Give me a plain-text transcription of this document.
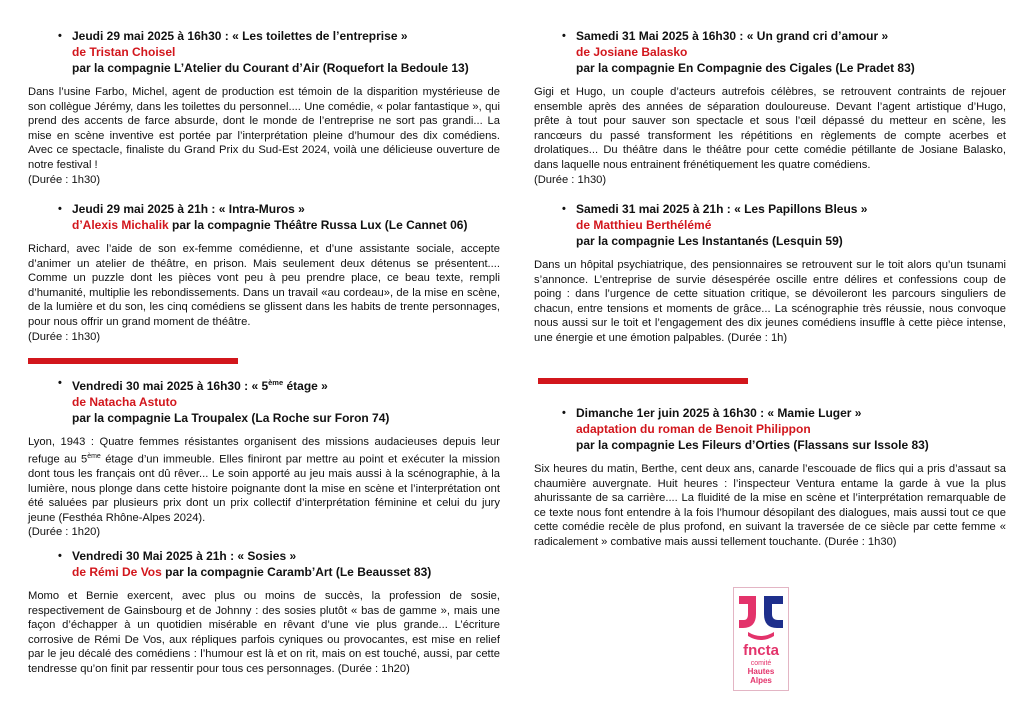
• Jeudi 29 mai 2025 à 16h30 : « Les toilettes de l’entreprise »
de Tristan Choisel
par la compagnie L’Atelier du Courant d’Air (Roquefort la Bedoule 13)
Dans l’usine Farbo, Michel, agent de production est témoin de la disparition mystérieuse de son collègue Jérémy, dans les toilettes du personnel.... Une comédie, « polar fantastique », qui prend des accents de farce absurde, dont le monde de l’entreprise ne sort pas grandi... La mise en scène inventive est portée par l’interprétation pleine d’humour des dix comédiens. Avec ce spectacle, finaliste du Grand Prix du Sud-Est 2024, voilà une délicieuse ouverture de notre festival !
(Durée : 1h30)
• Jeudi 29 mai 2025 à 21h : « Intra-Muros »
d’Alexis Michalik par la compagnie Théâtre Russa Lux (Le Cannet 06)
Richard, avec l’aide de son ex-femme comédienne, et d’une assistante sociale, accepte d’animer un atelier de théâtre, en prison. Mais seulement deux détenus se présentent.... Comme un puzzle dont les pièces vont peu à peu prendre place, ce beau texte, rempli d’humanité, multiplie les rebondissements. Dans un travail «au cordeau», de la mise en scène, de la lumière et du son, les cinq comédiens se glissent dans les habits de trente personnages, pour nous offrir un grand moment de théâtre.
(Durée : 1h30)
• Vendredi 30 mai 2025 à 16h30 : « 5ème étage »
de Natacha Astuto
par la compagnie La Troupalex (La Roche sur Foron 74)
Lyon, 1943 : Quatre femmes résistantes organisent des missions audacieuses depuis leur refuge au 5ème étage d’un immeuble. Elles finiront par mettre au point et exécuter la mission dont tous les français ont dû rêver... Le soin apporté au jeu mais aussi à la scénographie, à la lumière, nous plonge dans cette histoire poignante dont la mise en scène et l’interprétation ont été saluées par plusieurs prix dont un prix collectif d’interprétation féminine et celui du jury jeune (Festhéa Rhône-Alpes 2024).
(Durée : 1h20)
• Vendredi 30 Mai 2025 à 21h : « Sosies »
de Rémi De Vos par la compagnie Caramb’Art (Le Beausset 83)
Momo et Bernie exercent, avec plus ou moins de succès, la profession de sosie, respectivement de Gainsbourg et de Johnny : des sosies plutôt « bas de gamme », mais une façon d’échapper à un quotidien misérable en rêvant d’une vie plus grande... L’écriture corrosive de Rémi De Vos, aux répliques parfois cyniques ou provocantes, est mise en relief par le jeu décalé des comédiens : l’humour est là et on rit, mais on est touché, aussi, par cette tendresse qu’on finit par ressentir pour tous ces personnages. (Durée : 1h20)
• Samedi 31 Mai 2025 à 16h30 : « Un grand cri d’amour »
de Josiane Balasko
par la compagnie En Compagnie des Cigales (Le Pradet 83)
Gigi et Hugo, un couple d’acteurs autrefois célèbres, se retrouvent contraints de rejouer ensemble après des années de séparation douloureuse. Devant l’agent artistique d’Hugo, prête à tout pour sauver son spectacle et sous l’œil dépassé du metteur en scène, les rancœurs du passé transforment les répétitions en règlements de compte acerbes et drolatiques... Du théâtre dans le théâtre pour cette comédie pétillante de Josiane Balasko, dans laquelle nous entrainent frénétiquement les quatre comédiens.
(Durée : 1h30)
• Samedi 31 mai 2025 à 21h : « Les Papillons Bleus »
de Matthieu Berthélémé
par la compagnie Les Instantanés (Lesquin 59)
Dans un hôpital psychiatrique, des pensionnaires se retrouvent sur le toit alors qu’un tsunami s’annonce. L’entreprise de survie désespérée oscille entre délires et confessions coup de poing : dans l’urgence de cette situation critique, se dévoileront les parcours singuliers de chacun, entre tensions et moments de grâce... La scénographie très réussie, nous convoque nous aussi sur le toit et l’engagement des dix jeunes comédiens insuffle à cette pièce intense, une énergie et une émotion palpables. (Durée : 1h)
• Dimanche 1er juin 2025 à 16h30 : « Mamie Luger »
adaptation du roman de Benoit Philippon
par la compagnie Les Fileurs d’Orties (Flassans sur Issole 83)
Six heures du matin, Berthe, cent deux ans, canarde l’escouade de flics qui a pris d’assaut sa chaumière auvergnate. Huit heures : l’inspecteur Ventura entame la garde à vue la plus ahurissante de sa carrière.... La fluidité de la mise en scène et l’interprétation remarquable de ce texte nous font entendre à la fois l’humour désopilant des dialogues, mais aussi tout ce que cette comédie recèle de plus profond, en suivant la traversée de ce siècle par cette femme « radicalement » combative mais aussi tellement touchante. (Durée : 1h30)
fncta
comité
Hautes
Alpes
